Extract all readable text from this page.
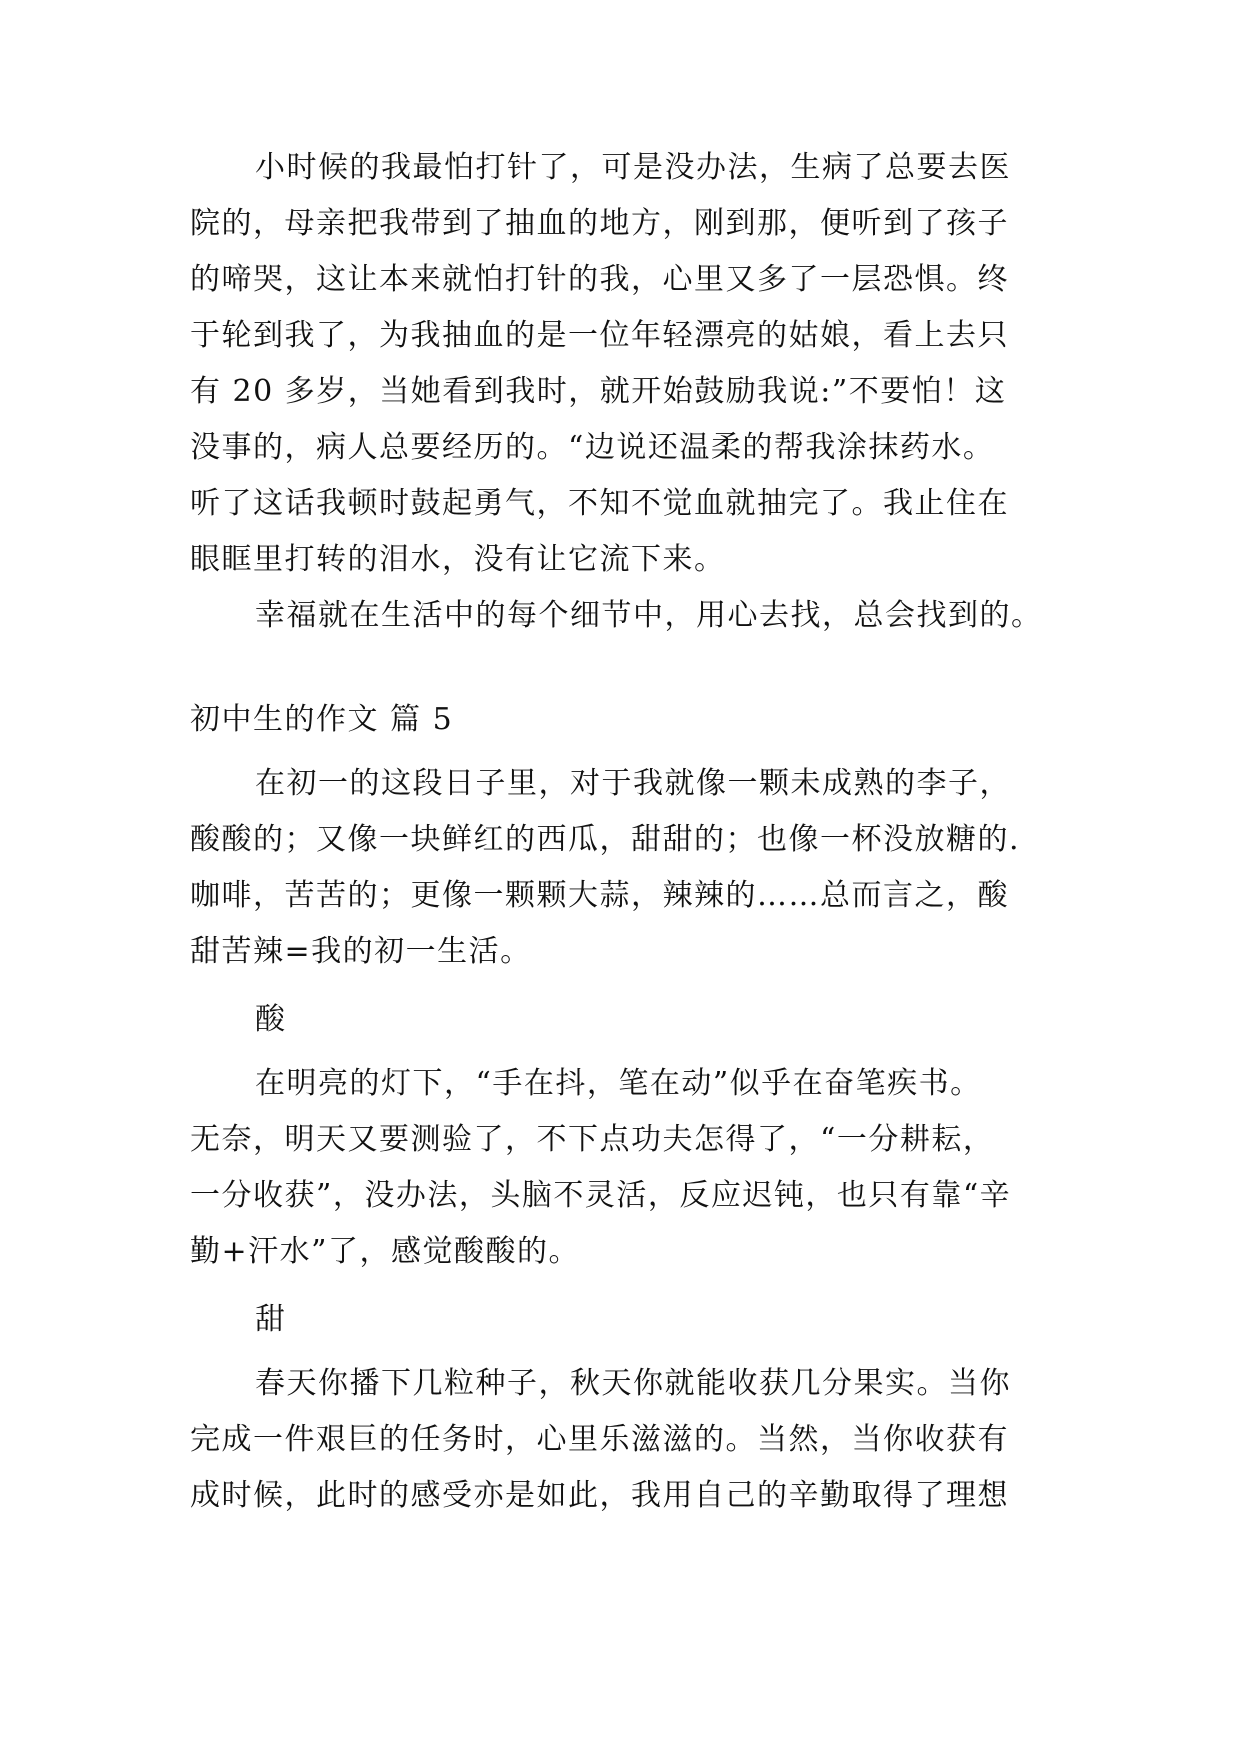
小时候的我最怕打针了，可是没办法，生病了总要去医
院的，母亲把我带到了抽血的地方，刚到那，便听到了孩子
的啼哭，这让本来就怕打针的我，心里又多了一层恐惧。终
于轮到我了，为我抽血的是一位年轻漂亮的姑娘，看上去只
有 20 多岁，当她看到我时，就开始鼓励我说:”不要怕！这
没事的，病人总要经历的。“边说还温柔的帮我涂抹药水。
听了这话我顿时鼓起勇气，不知不觉血就抽完了。我止住在
眼眶里打转的泪水，没有让它流下来。
幸福就在生活中的每个细节中，用心去找，总会找到的。
初中生的作文 篇 5
在初一的这段日子里，对于我就像一颗未成熟的李子，
酸酸的；又像一块鲜红的西瓜，甜甜的；也像一杯没放糖的.
咖啡，苦苦的；更像一颗颗大蒜，辣辣的……总而言之，酸
甜苦辣=我的初一生活。
酸
在明亮的灯下，“手在抖，笔在动”似乎在奋笔疾书。
无奈，明天又要测验了，不下点功夫怎得了，“一分耕耘，
一分收获”，没办法，头脑不灵活，反应迟钝，也只有靠“辛
勤+汗水”了，感觉酸酸的。
甜
春天你播下几粒种子，秋天你就能收获几分果实。当你
完成一件艰巨的任务时，心里乐滋滋的。当然，当你收获有
成时候，此时的感受亦是如此，我用自己的辛勤取得了理想
